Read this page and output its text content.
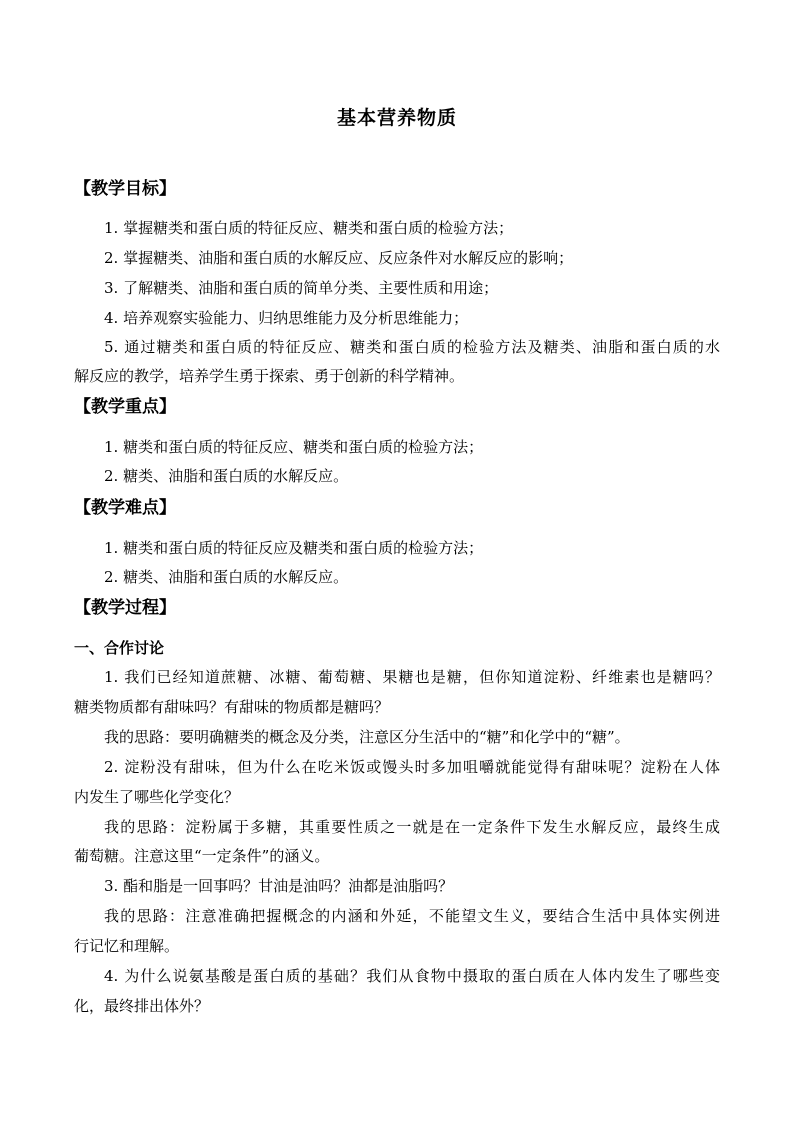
基本营养物质
【教学目标】
1. 掌握糖类和蛋白质的特征反应、糖类和蛋白质的检验方法；
2. 掌握糖类、油脂和蛋白质的水解反应、反应条件对水解反应的影响；
3. 了解糖类、油脂和蛋白质的简单分类、主要性质和用途；
4. 培养观察实验能力、归纳思维能力及分析思维能力；
5. 通过糖类和蛋白质的特征反应、糖类和蛋白质的检验方法及糖类、油脂和蛋白质的水
解反应的教学，培养学生勇于探索、勇于创新的科学精神。
【教学重点】
1. 糖类和蛋白质的特征反应、糖类和蛋白质的检验方法；
2. 糖类、油脂和蛋白质的水解反应。
【教学难点】
1. 糖类和蛋白质的特征反应及糖类和蛋白质的检验方法；
2. 糖类、油脂和蛋白质的水解反应。
【教学过程】
一、合作讨论
1. 我们已经知道蔗糖、冰糖、葡萄糖、果糖也是糖，但你知道淀粉、纤维素也是糖吗？
糖类物质都有甜味吗？有甜味的物质都是糖吗？
我的思路：要明确糖类的概念及分类，注意区分生活中的“糖”和化学中的“糖”。
2. 淀粉没有甜味，但为什么在吃米饭或馒头时多加咀嚼就能觉得有甜味呢？淀粉在人体
内发生了哪些化学变化？
我的思路：淀粉属于多糖，其重要性质之一就是在一定条件下发生水解反应，最终生成
葡萄糖。注意这里“一定条件”的涵义。
3. 酯和脂是一回事吗？甘油是油吗？油都是油脂吗？
我的思路：注意准确把握概念的内涵和外延，不能望文生义，要结合生活中具体实例进
行记忆和理解。
4. 为什么说氨基酸是蛋白质的基础？我们从食物中摄取的蛋白质在人体内发生了哪些变
化，最终排出体外？
